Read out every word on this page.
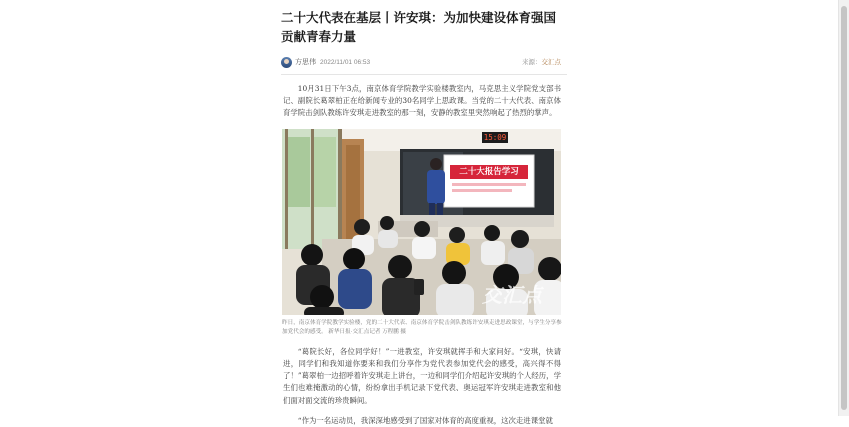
二十大代表在基层丨许安琪：为加快建设体育强国贡献青春力量
方思伟 2022/11/01 06:53	来源：交汇点

10月31日下午3点，南京体育学院教学实验楼教室内，马克思主义学院党支部书记、副院长葛翠柏正在给新闻专业的30名同学上思政课。当党的二十大代表、南京体育学院击剑队教练许安琪走进教室的那一刻，安静的教室里突然响起了热烈的掌声。

二十大报告学习
15:09
交汇点
昨日，南京体育学院教学实验楼，党的二十大代表、南京体育学院击剑队教练许安琪走进思政课堂，与学生分享参加党代会的感受。 新华日报·交汇点记者 万程鹏 摄

“葛院长好，各位同学好！”一进教室，许安琪就挥手和大家问好。“安琪，快请进，同学们和我知道你要来和我们分享作为党代表参加党代会的感受，高兴得不得了！”葛翠柏一边招呼着许安琪走上讲台，一边和同学们介绍起许安琪的个人经历，学生们也难掩激动的心情，纷纷拿出手机记录下党代表、奥运冠军许安琪走进教室和他们面对面交流的珍贵瞬间。

“作为一名运动员，我深深地感受到了国家对体育的高度重视，这次走进课堂就
